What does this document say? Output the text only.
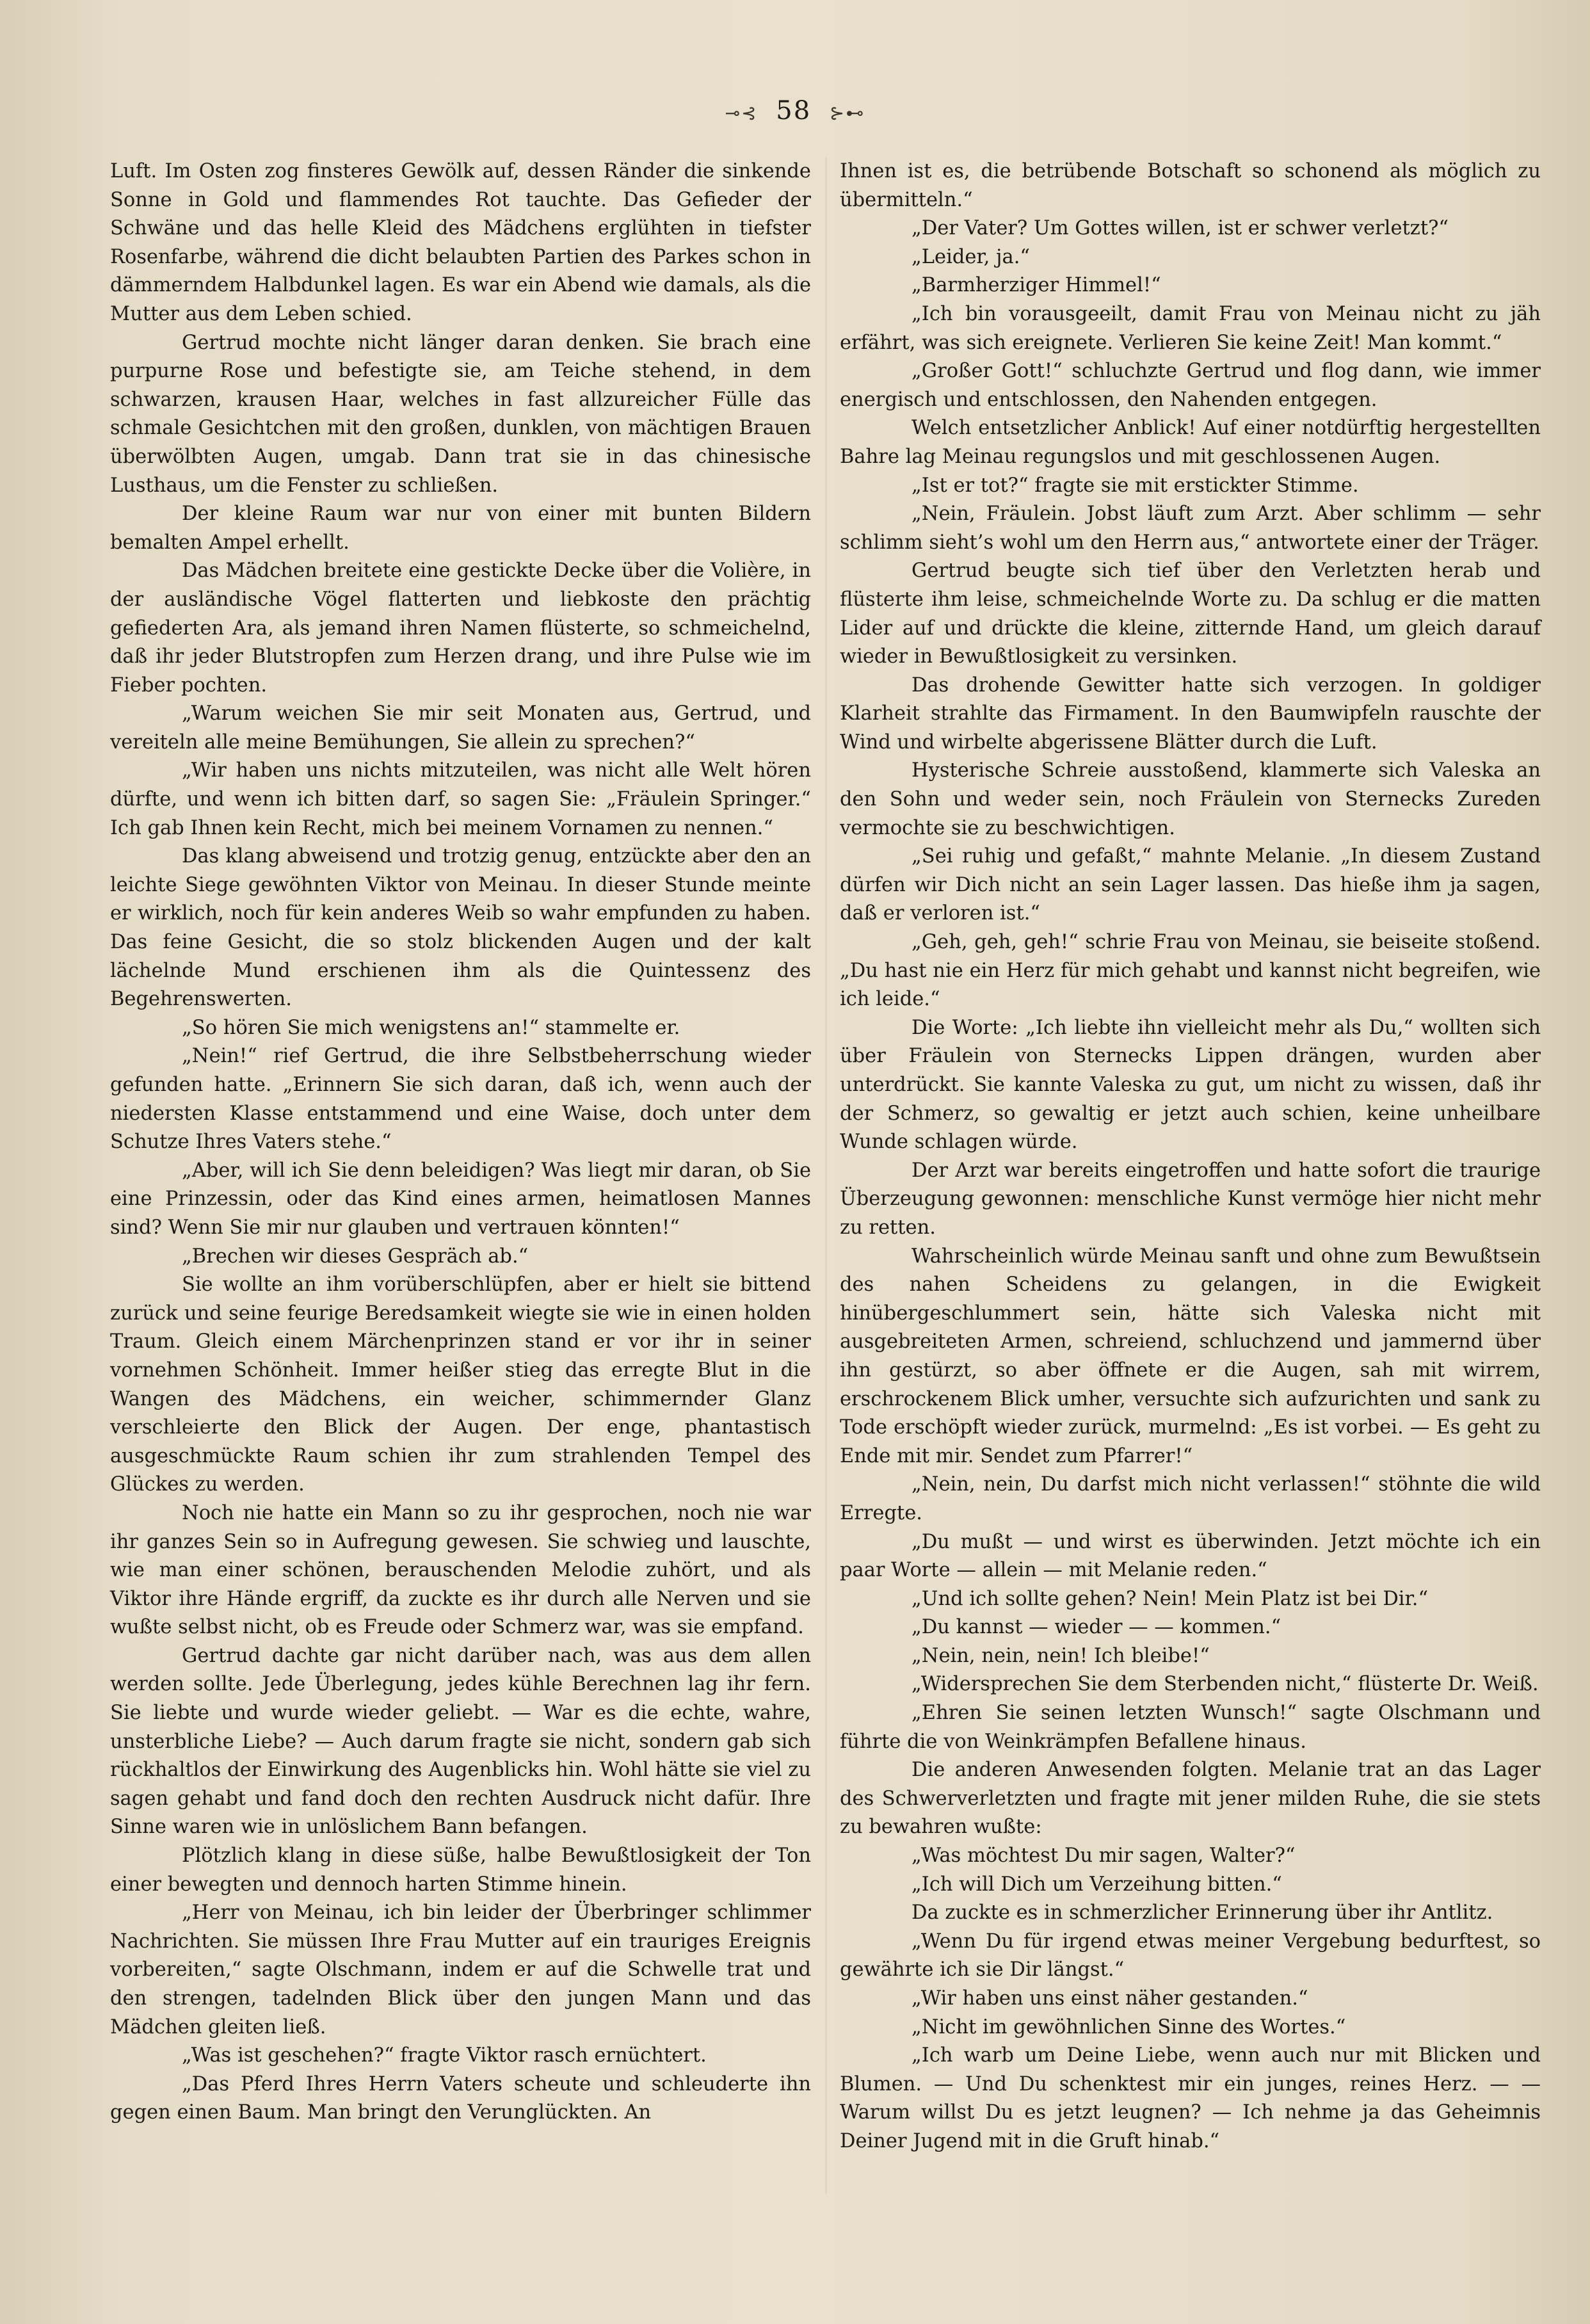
⊸⊰ 58 ⊱⊷

Luft. Im Osten zog finsteres Gewölk auf, dessen Ränder die sinkende Sonne in Gold und flammendes Rot tauchte. Das Gefieder der Schwäne und das helle Kleid des Mädchens erglühten in tiefster Rosenfarbe, während die dicht belaubten Partien des Parkes schon in dämmerndem Halbdunkel lagen. Es war ein Abend wie damals, als die Mutter aus dem Leben schied.

Gertrud mochte nicht länger daran denken. Sie brach eine purpurne Rose und befestigte sie, am Teiche stehend, in dem schwarzen, krausen Haar, welches in fast allzureicher Fülle das schmale Gesichtchen mit den großen, dunklen, von mächtigen Brauen überwölbten Augen, umgab. Dann trat sie in das chinesische Lusthaus, um die Fenster zu schließen.

Der kleine Raum war nur von einer mit bunten Bildern bemalten Ampel erhellt.

Das Mädchen breitete eine gestickte Decke über die Volière, in der ausländische Vögel flatterten und liebkoste den prächtig gefiederten Ara, als jemand ihren Namen flüsterte, so schmeichelnd, daß ihr jeder Blutstropfen zum Herzen drang, und ihre Pulse wie im Fieber pochten.

„Warum weichen Sie mir seit Monaten aus, Gertrud, und vereiteln alle meine Bemühungen, Sie allein zu sprechen?“

„Wir haben uns nichts mitzuteilen, was nicht alle Welt hören dürfte, und wenn ich bitten darf, so sagen Sie: „Fräulein Springer.“ Ich gab Ihnen kein Recht, mich bei meinem Vornamen zu nennen.“

Das klang abweisend und trotzig genug, entzückte aber den an leichte Siege gewöhnten Viktor von Meinau. In dieser Stunde meinte er wirklich, noch für kein anderes Weib so wahr empfunden zu haben. Das feine Gesicht, die so stolz blickenden Augen und der kalt lächelnde Mund erschienen ihm als die Quintessenz des Begehrenswerten.

„So hören Sie mich wenigstens an!“ stammelte er.

„Nein!“ rief Gertrud, die ihre Selbstbeherrschung wieder gefunden hatte. „Erinnern Sie sich daran, daß ich, wenn auch der niedersten Klasse entstammend und eine Waise, doch unter dem Schutze Ihres Vaters stehe.“

„Aber, will ich Sie denn beleidigen? Was liegt mir daran, ob Sie eine Prinzessin, oder das Kind eines armen, heimatlosen Mannes sind? Wenn Sie mir nur glauben und vertrauen könnten!“

„Brechen wir dieses Gespräch ab.“

Sie wollte an ihm vorüberschlüpfen, aber er hielt sie bittend zurück und seine feurige Beredsamkeit wiegte sie wie in einen holden Traum. Gleich einem Märchenprinzen stand er vor ihr in seiner vornehmen Schönheit. Immer heißer stieg das erregte Blut in die Wangen des Mädchens, ein weicher, schimmernder Glanz verschleierte den Blick der Augen. Der enge, phantastisch ausgeschmückte Raum schien ihr zum strahlenden Tempel des Glückes zu werden.

Noch nie hatte ein Mann so zu ihr gesprochen, noch nie war ihr ganzes Sein so in Aufregung gewesen. Sie schwieg und lauschte, wie man einer schönen, berauschenden Melodie zuhört, und als Viktor ihre Hände ergriff, da zuckte es ihr durch alle Nerven und sie wußte selbst nicht, ob es Freude oder Schmerz war, was sie empfand.

Gertrud dachte gar nicht darüber nach, was aus dem allen werden sollte. Jede Überlegung, jedes kühle Berechnen lag ihr fern. Sie liebte und wurde wieder geliebt. — War es die echte, wahre, unsterbliche Liebe? — Auch darum fragte sie nicht, sondern gab sich rückhaltlos der Einwirkung des Augenblicks hin. Wohl hätte sie viel zu sagen gehabt und fand doch den rechten Ausdruck nicht dafür. Ihre Sinne waren wie in unlöslichem Bann befangen.

Plötzlich klang in diese süße, halbe Bewußtlosigkeit der Ton einer bewegten und dennoch harten Stimme hinein.

„Herr von Meinau, ich bin leider der Überbringer schlimmer Nachrichten. Sie müssen Ihre Frau Mutter auf ein trauriges Ereignis vorbereiten,“ sagte Olschmann, indem er auf die Schwelle trat und den strengen, tadelnden Blick über den jungen Mann und das Mädchen gleiten ließ.

„Was ist geschehen?“ fragte Viktor rasch ernüchtert.

„Das Pferd Ihres Herrn Vaters scheute und schleuderte ihn gegen einen Baum. Man bringt den Verunglückten. An

Ihnen ist es, die betrübende Botschaft so schonend als möglich zu übermitteln.“

„Der Vater? Um Gottes willen, ist er schwer verletzt?“

„Leider, ja.“

„Barmherziger Himmel!“

„Ich bin vorausgeeilt, damit Frau von Meinau nicht zu jäh erfährt, was sich ereignete. Verlieren Sie keine Zeit! Man kommt.“

„Großer Gott!“ schluchzte Gertrud und flog dann, wie immer energisch und entschlossen, den Nahenden entgegen.

Welch entsetzlicher Anblick! Auf einer notdürftig hergestellten Bahre lag Meinau regungslos und mit geschlossenen Augen.

„Ist er tot?“ fragte sie mit erstickter Stimme.

„Nein, Fräulein. Jobst läuft zum Arzt. Aber schlimm — sehr schlimm sieht’s wohl um den Herrn aus,“ antwortete einer der Träger.

Gertrud beugte sich tief über den Verletzten herab und flüsterte ihm leise, schmeichelnde Worte zu. Da schlug er die matten Lider auf und drückte die kleine, zitternde Hand, um gleich darauf wieder in Bewußtlosigkeit zu versinken.

Das drohende Gewitter hatte sich verzogen. In goldiger Klarheit strahlte das Firmament. In den Baumwipfeln rauschte der Wind und wirbelte abgerissene Blätter durch die Luft.

Hysterische Schreie ausstoßend, klammerte sich Valeska an den Sohn und weder sein, noch Fräulein von Sternecks Zureden vermochte sie zu beschwichtigen.

„Sei ruhig und gefaßt,“ mahnte Melanie. „In diesem Zustand dürfen wir Dich nicht an sein Lager lassen. Das hieße ihm ja sagen, daß er verloren ist.“

„Geh, geh, geh!“ schrie Frau von Meinau, sie beiseite stoßend. „Du hast nie ein Herz für mich gehabt und kannst nicht begreifen, wie ich leide.“

Die Worte: „Ich liebte ihn vielleicht mehr als Du,“ wollten sich über Fräulein von Sternecks Lippen drängen, wurden aber unterdrückt. Sie kannte Valeska zu gut, um nicht zu wissen, daß ihr der Schmerz, so gewaltig er jetzt auch schien, keine unheilbare Wunde schlagen würde.

Der Arzt war bereits eingetroffen und hatte sofort die traurige Überzeugung gewonnen: menschliche Kunst vermöge hier nicht mehr zu retten.

Wahrscheinlich würde Meinau sanft und ohne zum Bewußtsein des nahen Scheidens zu gelangen, in die Ewigkeit hinübergeschlummert sein, hätte sich Valeska nicht mit ausgebreiteten Armen, schreiend, schluchzend und jammernd über ihn gestürzt, so aber öffnete er die Augen, sah mit wirrem, erschrockenem Blick umher, versuchte sich aufzurichten und sank zu Tode erschöpft wieder zurück, murmelnd: „Es ist vorbei. — Es geht zu Ende mit mir. Sendet zum Pfarrer!“

„Nein, nein, Du darfst mich nicht verlassen!“ stöhnte die wild Erregte.

„Du mußt — und wirst es überwinden. Jetzt möchte ich ein paar Worte — allein — mit Melanie reden.“

„Und ich sollte gehen? Nein! Mein Platz ist bei Dir.“

„Du kannst — wieder — — kommen.“

„Nein, nein, nein! Ich bleibe!“

„Widersprechen Sie dem Sterbenden nicht,“ flüsterte Dr. Weiß.

„Ehren Sie seinen letzten Wunsch!“ sagte Olschmann und führte die von Weinkrämpfen Befallene hinaus.

Die anderen Anwesenden folgten. Melanie trat an das Lager des Schwerverletzten und fragte mit jener milden Ruhe, die sie stets zu bewahren wußte:

„Was möchtest Du mir sagen, Walter?“

„Ich will Dich um Verzeihung bitten.“

Da zuckte es in schmerzlicher Erinnerung über ihr Antlitz.

„Wenn Du für irgend etwas meiner Vergebung bedurftest, so gewährte ich sie Dir längst.“

„Wir haben uns einst näher gestanden.“

„Nicht im gewöhnlichen Sinne des Wortes.“

„Ich warb um Deine Liebe, wenn auch nur mit Blicken und Blumen. — Und Du schenktest mir ein junges, reines Herz. — — Warum willst Du es jetzt leugnen? — Ich nehme ja das Geheimnis Deiner Jugend mit in die Gruft hinab.“
